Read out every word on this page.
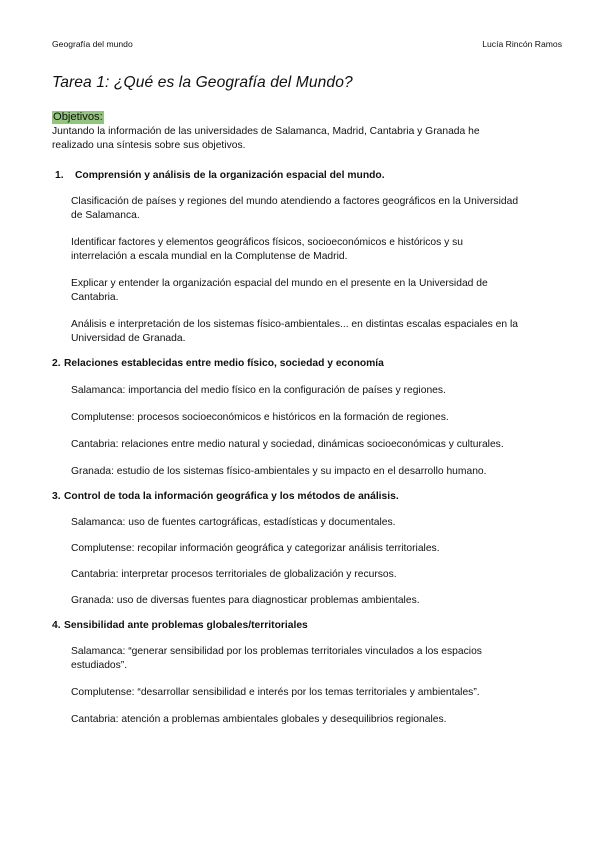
Geografía del mundo	Lucía Rincón Ramos
Tarea 1: ¿Qué es la Geografía del Mundo?
Objetivos:

Juntando la información de las universidades de Salamanca, Madrid, Cantabria y Granada he realizado una síntesis sobre sus objetivos.

1. Comprensión y análisis de la organización espacial del mundo.

Clasificación de países y regiones del mundo atendiendo a factores geográficos en la Universidad de Salamanca.

Identificar factores y elementos geográficos físicos, socioeconómicos e históricos y su interrelación a escala mundial en la Complutense de Madrid.

Explicar y entender la organización espacial del mundo en el presente en la Universidad de Cantabria.

Análisis e interpretación de los sistemas físico-ambientales... en distintas escalas espaciales en la Universidad de Granada.

2. Relaciones establecidas entre medio físico, sociedad y economía

Salamanca: importancia del medio físico en la configuración de países y regiones.

Complutense: procesos socioeconómicos e históricos en la formación de regiones.

Cantabria: relaciones entre medio natural y sociedad, dinámicas socioeconómicas y culturales.

Granada: estudio de los sistemas físico-ambientales y su impacto en el desarrollo humano.

3. Control de toda la información geográfica y los métodos de análisis.

Salamanca: uso de fuentes cartográficas, estadísticas y documentales.

Complutense: recopilar información geográfica y categorizar análisis territoriales.

Cantabria: interpretar procesos territoriales de globalización y recursos.

Granada: uso de diversas fuentes para diagnosticar problemas ambientales.

4. Sensibilidad ante problemas globales/territoriales

Salamanca: “generar sensibilidad por los problemas territoriales vinculados a los espacios estudiados”.

Complutense: “desarrollar sensibilidad e interés por los temas territoriales y ambientales”.

Cantabria: atención a problemas ambientales globales y desequilibrios regionales.
